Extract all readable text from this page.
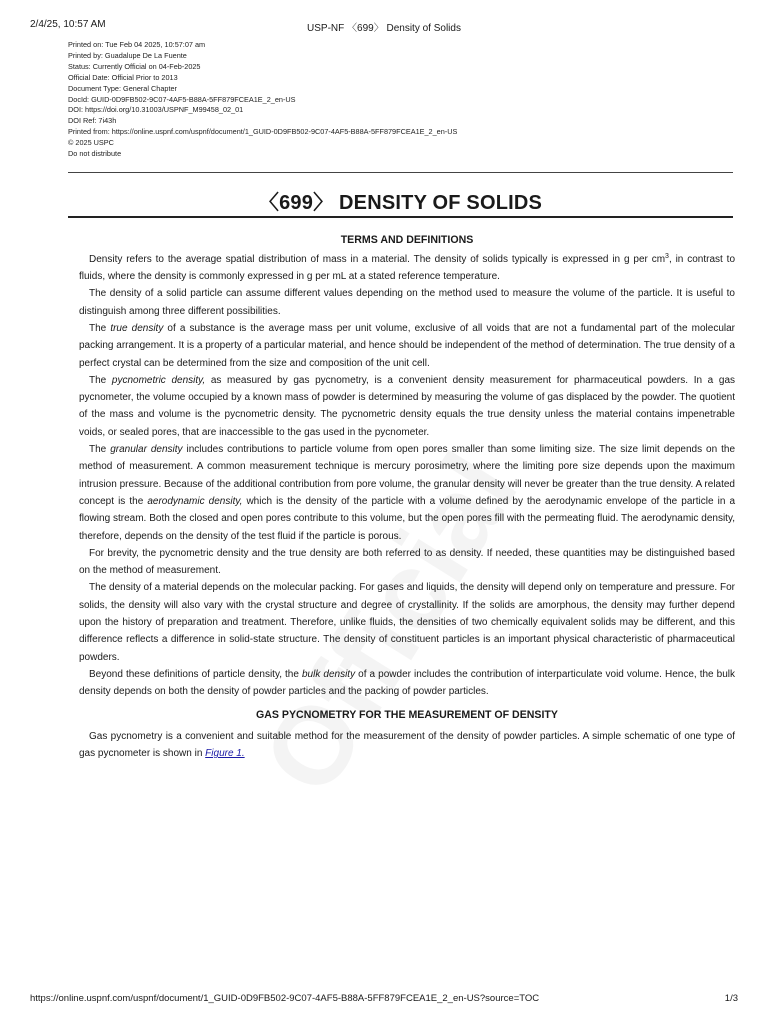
2/4/25, 10:57 AM	USP-NF 〈699〉 Density of Solids
Printed on: Tue Feb 04 2025, 10:57:07 am
Printed by: Guadalupe De La Fuente
Status: Currently Official on 04-Feb-2025
Official Date: Official Prior to 2013
Document Type: General Chapter
DocId: GUID-0D9FB502-9C07-4AF5-B88A-5FF879FCEA1E_2_en-US
DOI: https://doi.org/10.31003/USPNF_M99458_02_01
DOI Ref: 7i43h
Printed from: https://online.uspnf.com/uspnf/document/1_GUID-0D9FB502-9C07-4AF5-B88A-5FF879FCEA1E_2_en-US
© 2025 USPC
Do not distribute
〈699〉 DENSITY OF SOLIDS
TERMS AND DEFINITIONS

Density refers to the average spatial distribution of mass in a material. The density of solids typically is expressed in g per $cm^3$, in contrast to fluids, where the density is commonly expressed in g per mL at a stated reference temperature.

The density of a solid particle can assume different values depending on the method used to measure the volume of the particle. It is useful to distinguish among three different possibilities.

The true density of a substance is the average mass per unit volume, exclusive of all voids that are not a fundamental part of the molecular packing arrangement. It is a property of a particular material, and hence should be independent of the method of determination. The true density of a perfect crystal can be determined from the size and composition of the unit cell.

The pycnometric density, as measured by gas pycnometry, is a convenient density measurement for pharmaceutical powders. In a gas pycnometer, the volume occupied by a known mass of powder is determined by measuring the volume of gas displaced by the powder. The quotient of the mass and volume is the pycnometric density. The pycnometric density equals the true density unless the material contains impenetrable voids, or sealed pores, that are inaccessible to the gas used in the pycnometer.

The granular density includes contributions to particle volume from open pores smaller than some limiting size. The size limit depends on the method of measurement. A common measurement technique is mercury porosimetry, where the limiting pore size depends upon the maximum intrusion pressure. Because of the additional contribution from pore volume, the granular density will never be greater than the true density. A related concept is the aerodynamic density, which is the density of the particle with a volume defined by the aerodynamic envelope of the particle in a flowing stream. Both the closed and open pores contribute to this volume, but the open pores fill with the permeating fluid. The aerodynamic density, therefore, depends on the density of the test fluid if the particle is porous.

For brevity, the pycnometric density and the true density are both referred to as density. If needed, these quantities may be distinguished based on the method of measurement.

The density of a material depends on the molecular packing. For gases and liquids, the density will depend only on temperature and pressure. For solids, the density will also vary with the crystal structure and degree of crystallinity. If the solids are amorphous, the density may further depend upon the history of preparation and treatment. Therefore, unlike fluids, the densities of two chemically equivalent solids may be different, and this difference reflects a difference in solid-state structure. The density of constituent particles is an important physical characteristic of pharmaceutical powders.

Beyond these definitions of particle density, the bulk density of a powder includes the contribution of interparticulate void volume. Hence, the bulk density depends on both the density of powder particles and the packing of powder particles.

GAS PYCNOMETRY FOR THE MEASUREMENT OF DENSITY

Gas pycnometry is a convenient and suitable method for the measurement of the density of powder particles. A simple schematic of one type of gas pycnometer is shown in Figure 1.

https://online.uspnf.com/uspnf/document/1_GUID-0D9FB502-9C07-4AF5-B88A-5FF879FCEA1E_2_en-US?source=TOC	1/3
